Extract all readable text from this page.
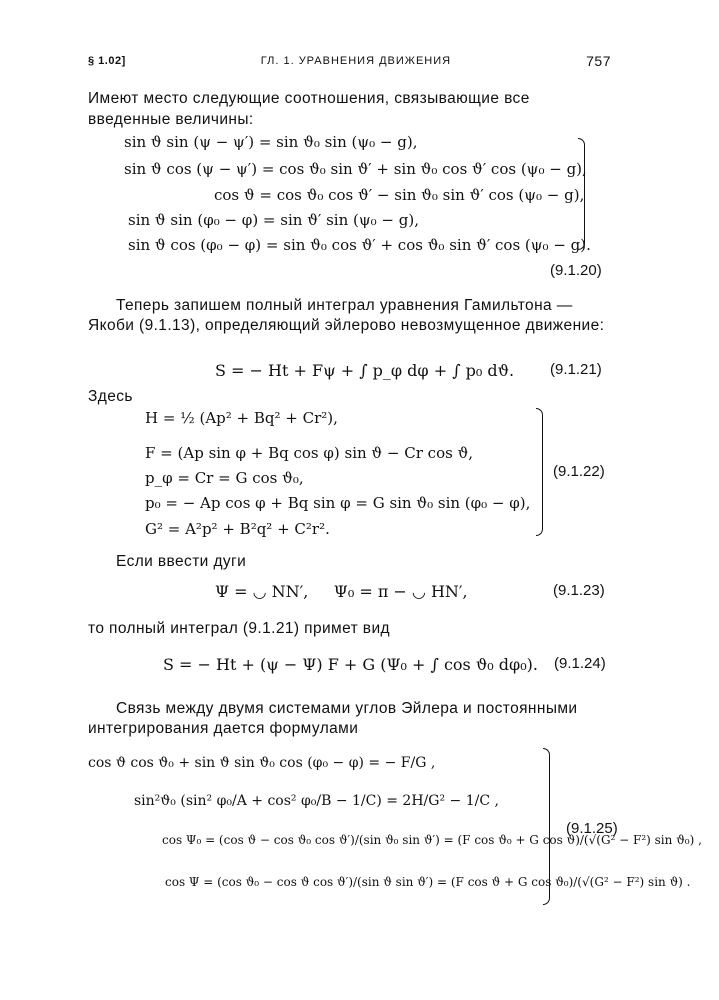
§ 1.02]	ГЛ. 1. УРАВНЕНИЯ ДВИЖЕНИЯ	757
Имеют место следующие соотношения, связывающие все введенные величины:
sin ϑ sin (ψ − ψ′) = sin ϑ₀ sin (ψ₀ − g),
sin ϑ cos (ψ − ψ′) = cos ϑ₀ sin ϑ′ + sin ϑ₀ cos ϑ′ cos (ψ₀ − g),
cos ϑ = cos ϑ₀ cos ϑ′ − sin ϑ₀ sin ϑ′ cos (ψ₀ − g),
sin ϑ sin (φ₀ − φ) = sin ϑ′ sin (ψ₀ − g),
sin ϑ cos (φ₀ − φ) = sin ϑ₀ cos ϑ′ + cos ϑ₀ sin ϑ′ cos (ψ₀ − g).
(9.1.20)
Теперь запишем полный интеграл уравнения Гамильтона — Якоби (9.1.13), определяющий эйлерово невозмущенное движение:
S = − Ht + Fψ + ∫ p_φ dφ + ∫ p₀ dϑ. (9.1.21)
Здесь
H = ½ (Ap² + Bq² + Cr²),
F = (Ap sin φ + Bq cos φ) sin ϑ − Cr cos ϑ,
p_φ = Cr = G cos ϑ₀,
p₀ = − Ap cos φ + Bq sin φ = G sin ϑ₀ sin (φ₀ − φ),
G² = A²p² + B²q² + C²r².
(9.1.22)
Если ввести дуги
Ψ = ◡ NN′,     Ψ₀ = π − ◡ HN′,	(9.1.23)
то полный интеграл (9.1.21) примет вид
S = − Ht + (ψ − Ψ) F + G (Ψ₀ + ∫ cos ϑ₀ dφ₀). (9.1.24)
Связь между двумя системами углов Эйлера и постоянными интегрирования дается формулами
cos ϑ cos ϑ₀ + sin ϑ sin ϑ₀ cos (φ₀ − φ) = − F/G ,
sin²ϑ₀ (sin² φ₀/A + cos² φ₀/B − 1/C) = 2H/G² − 1/C ,
cos Ψ₀ = (cos ϑ − cos ϑ₀ cos ϑ′)/(sin ϑ₀ sin ϑ′) = (F cos ϑ₀ + G cos ϑ)/(√(G² − F²) sin ϑ₀) ,
cos Ψ = (cos ϑ₀ − cos ϑ cos ϑ′)/(sin ϑ sin ϑ′) = (F cos ϑ + G cos ϑ₀)/(√(G² − F²) sin ϑ) .
(9.1.25)
